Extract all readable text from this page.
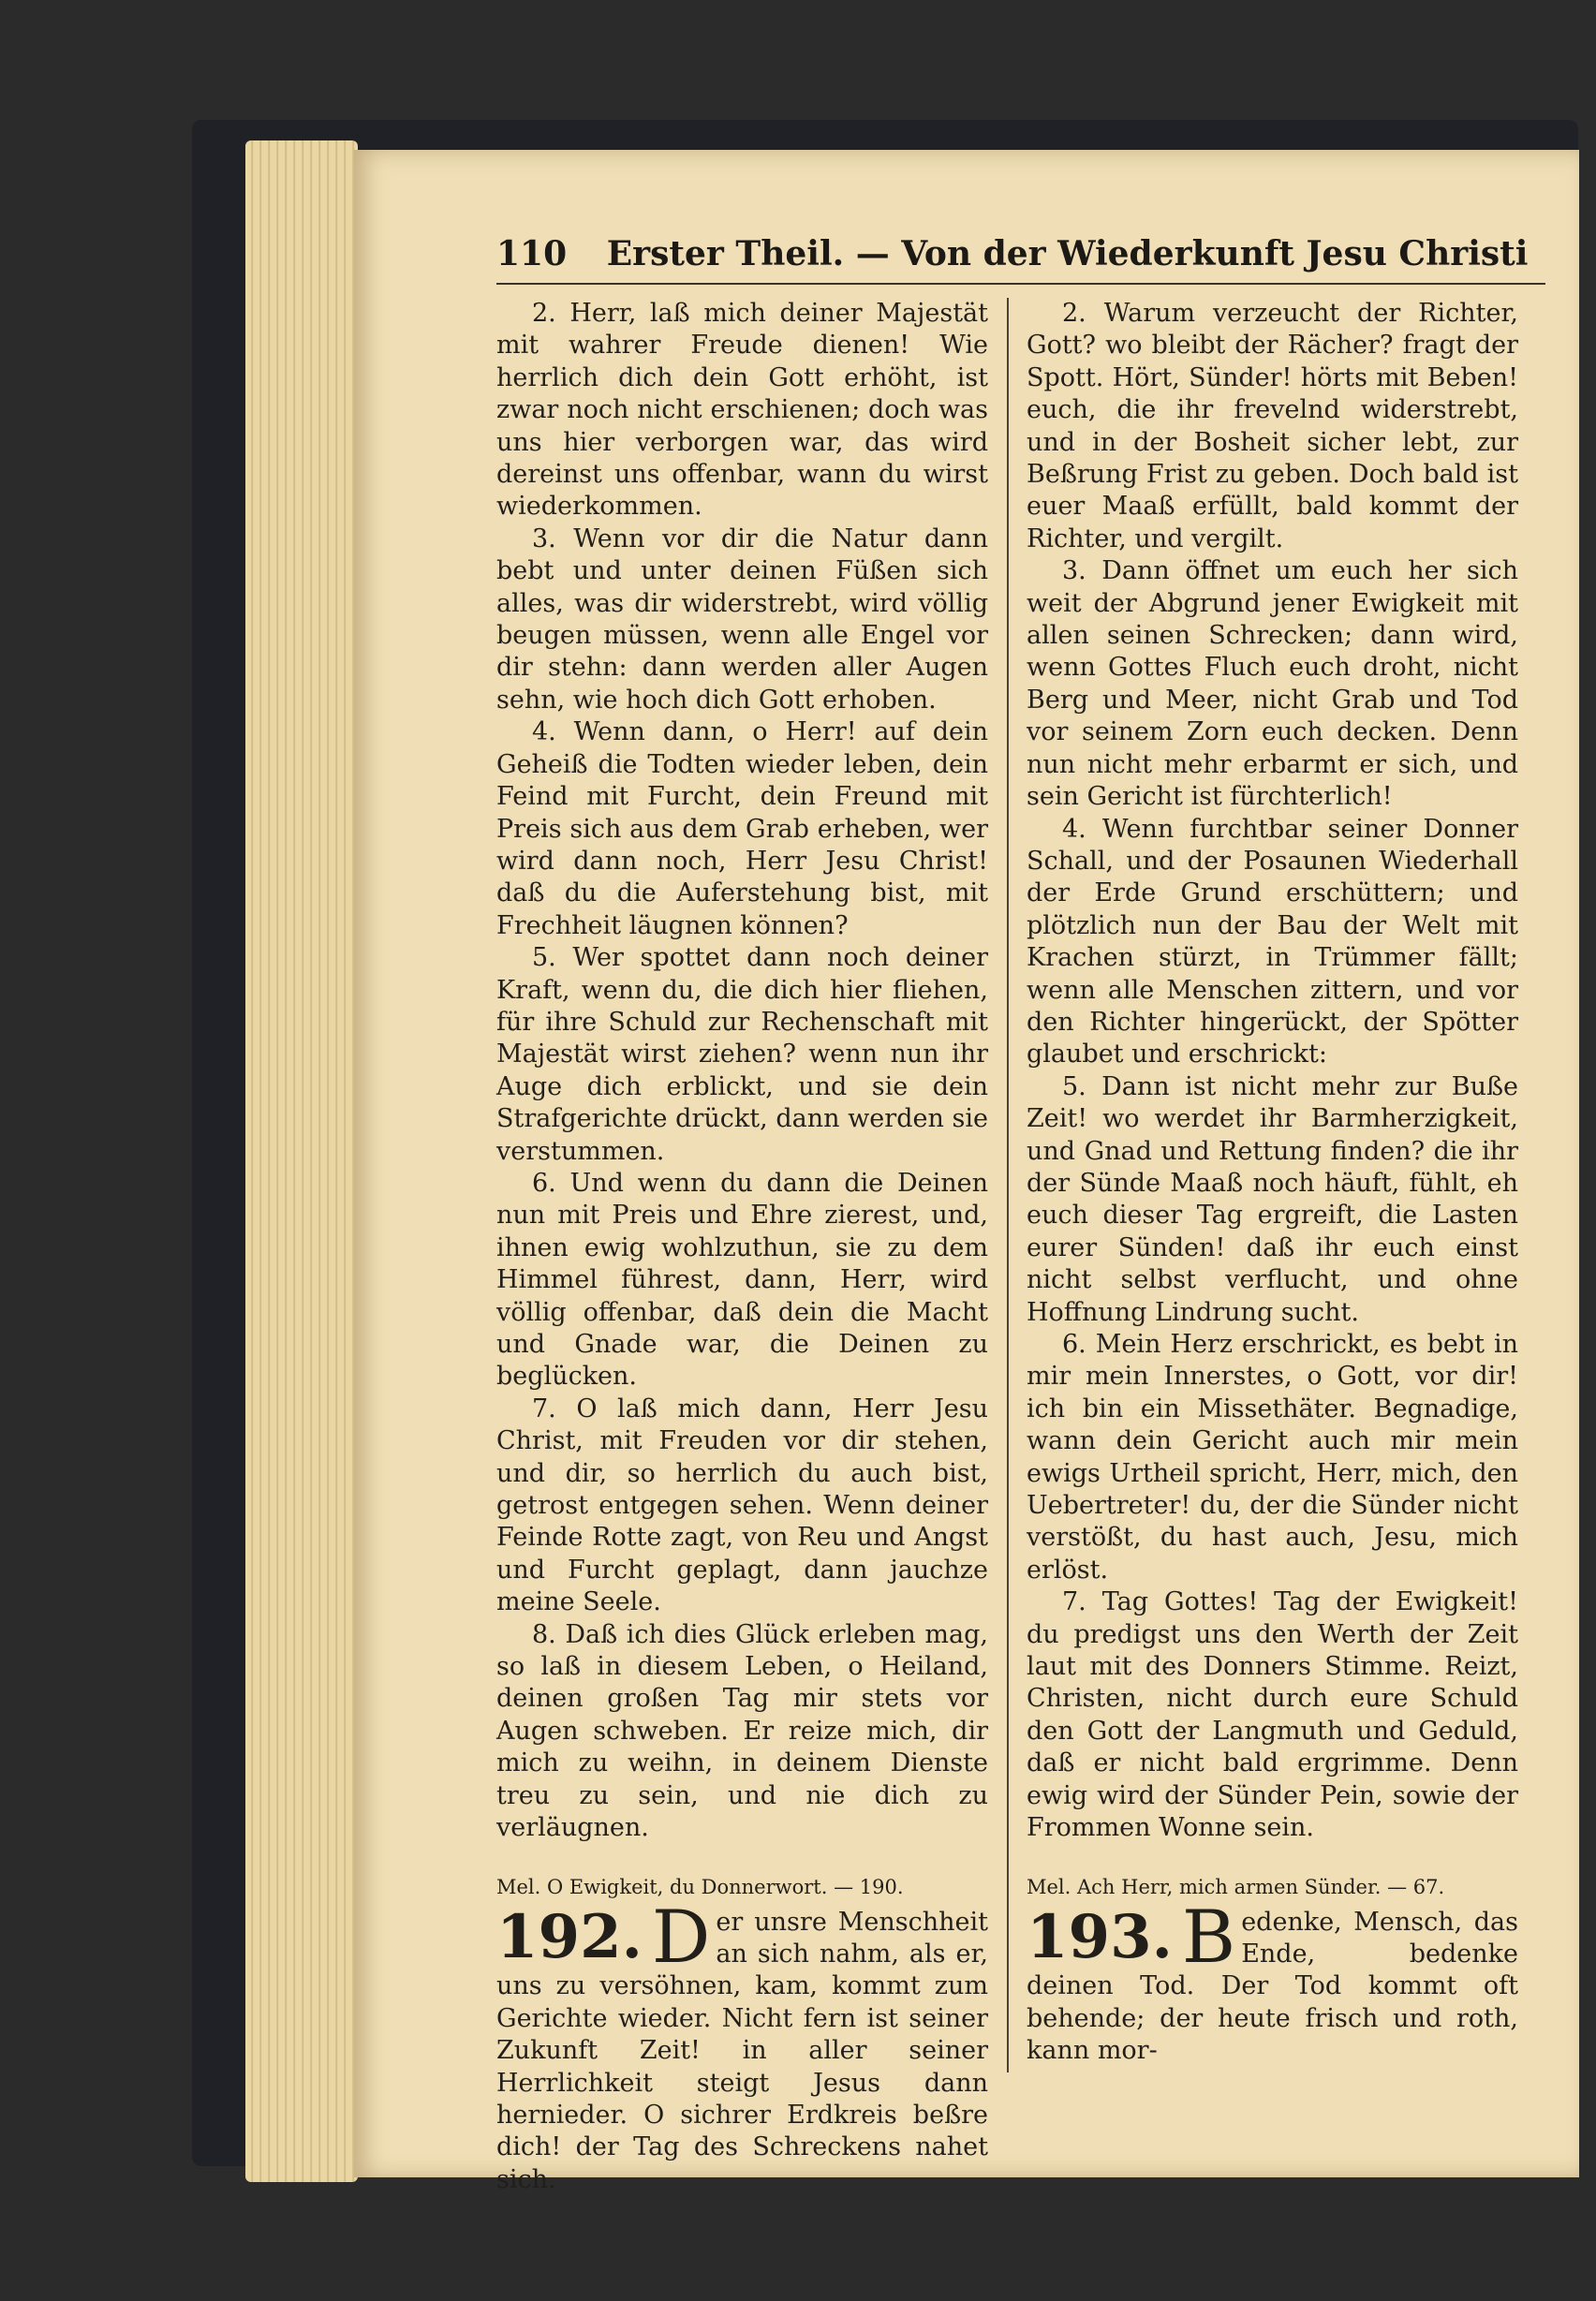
110 Erster Theil. — Von der Wiederkunft Jesu Christi

2. Herr, laß mich deiner Majestät mit wahrer Freude dienen! Wie herrlich dich dein Gott erhöht, ist zwar noch nicht erschienen; doch was uns hier verborgen war, das wird dereinst uns offenbar, wann du wirst wiederkommen.

3. Wenn vor dir die Natur dann bebt und unter deinen Füßen sich alles, was dir widerstrebt, wird völlig beugen müssen, wenn alle Engel vor dir stehn: dann werden aller Augen sehn, wie hoch dich Gott erhoben.

4. Wenn dann, o Herr! auf dein Geheiß die Todten wieder leben, dein Feind mit Furcht, dein Freund mit Preis sich aus dem Grab erheben, wer wird dann noch, Herr Jesu Christ! daß du die Auferstehung bist, mit Frechheit läugnen können?

5. Wer spottet dann noch deiner Kraft, wenn du, die dich hier fliehen, für ihre Schuld zur Rechenschaft mit Majestät wirst ziehen? wenn nun ihr Auge dich erblickt, und sie dein Strafgerichte drückt, dann werden sie verstummen.

6. Und wenn du dann die Deinen nun mit Preis und Ehre zierest, und, ihnen ewig wohlzuthun, sie zu dem Himmel führest, dann, Herr, wird völlig offenbar, daß dein die Macht und Gnade war, die Deinen zu beglücken.

7. O laß mich dann, Herr Jesu Christ, mit Freuden vor dir stehen, und dir, so herrlich du auch bist, getrost entgegen sehen. Wenn deiner Feinde Rotte zagt, von Reu und Angst und Furcht geplagt, dann jauchze meine Seele.

8. Daß ich dies Glück erleben mag, so laß in diesem Leben, o Heiland, deinen großen Tag mir stets vor Augen schweben. Er reize mich, dir mich zu weihn, in deinem Dienste treu zu sein, und nie dich zu verläugnen.

Mel. O Ewigkeit, du Donnerwort. — 190.

192. D er unsre Menschheit an sich nahm, als er, uns zu versöhnen, kam, kommt zum Gerichte wieder. Nicht fern ist seiner Zukunft Zeit! in aller seiner Herrlichkeit steigt Jesus dann hernieder. O sichrer Erdkreis beßre dich! der Tag des Schreckens nahet sich.

2. Warum verzeucht der Richter, Gott? wo bleibt der Rächer? fragt der Spott. Hört, Sünder! hörts mit Beben! euch, die ihr frevelnd widerstrebt, und in der Bosheit sicher lebt, zur Beßrung Frist zu geben. Doch bald ist euer Maaß erfüllt, bald kommt der Richter, und vergilt.

3. Dann öffnet um euch her sich weit der Abgrund jener Ewigkeit mit allen seinen Schrecken; dann wird, wenn Gottes Fluch euch droht, nicht Berg und Meer, nicht Grab und Tod vor seinem Zorn euch decken. Denn nun nicht mehr erbarmt er sich, und sein Gericht ist fürchterlich!

4. Wenn furchtbar seiner Donner Schall, und der Posaunen Wiederhall der Erde Grund erschüttern; und plötzlich nun der Bau der Welt mit Krachen stürzt, in Trümmer fällt; wenn alle Menschen zittern, und vor den Richter hingerückt, der Spötter glaubet und erschrickt:

5. Dann ist nicht mehr zur Buße Zeit! wo werdet ihr Barmherzigkeit, und Gnad und Rettung finden? die ihr der Sünde Maaß noch häuft, fühlt, eh euch dieser Tag ergreift, die Lasten eurer Sünden! daß ihr euch einst nicht selbst verflucht, und ohne Hoffnung Lindrung sucht.

6. Mein Herz erschrickt, es bebt in mir mein Innerstes, o Gott, vor dir! ich bin ein Missethäter. Begnadige, wann dein Gericht auch mir mein ewigs Urtheil spricht, Herr, mich, den Uebertreter! du, der die Sünder nicht verstößt, du hast auch, Jesu, mich erlöst.

7. Tag Gottes! Tag der Ewigkeit! du predigst uns den Werth der Zeit laut mit des Donners Stimme. Reizt, Christen, nicht durch eure Schuld den Gott der Langmuth und Geduld, daß er nicht bald ergrimme. Denn ewig wird der Sünder Pein, sowie der Frommen Wonne sein.

Mel. Ach Herr, mich armen Sünder. — 67.

193. B edenke, Mensch, das Ende, bedenke deinen Tod. Der Tod kommt oft behende; der heute frisch und roth, kann mor-
